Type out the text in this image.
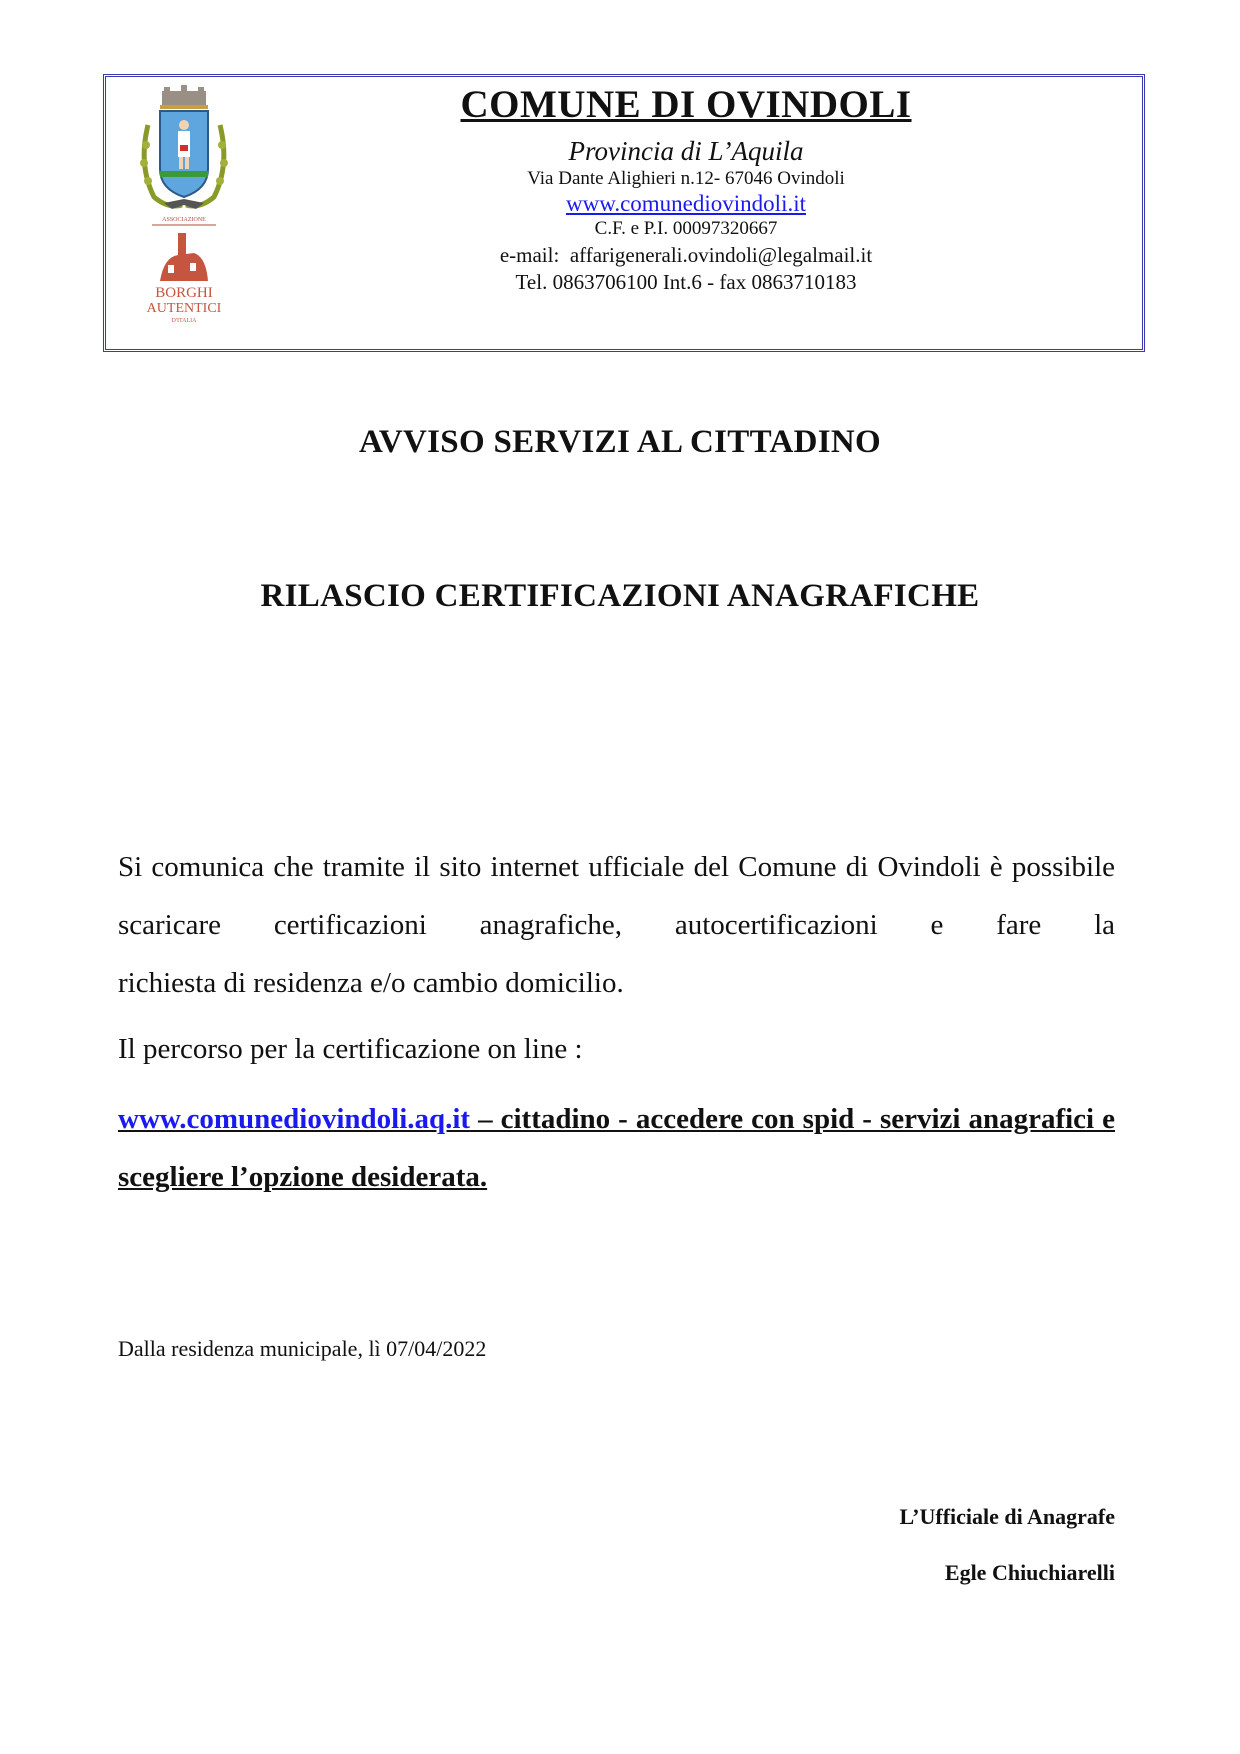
ASSOCIAZIONE
BORGHI
AUTENTICI
D'ITALIA
COMUNE DI OVINDOLI
Provincia di L’Aquila
Via Dante Alighieri n.12- 67046 Ovindoli
www.comunediovindoli.it
C.F. e P.I. 00097320667
e-mail: affarigenerali.ovindoli@legalmail.it
Tel. 0863706100 Int.6 - fax 0863710183
AVVISO SERVIZI AL CITTADINO
RILASCIO CERTIFICAZIONI ANAGRAFICHE
Si comunica che tramite il sito internet ufficiale del Comune di Ovindoli è possibile scaricare certificazioni anagrafiche, autocertificazioni e fare la
richiesta di residenza e/o cambio domicilio.
Il percorso per la certificazione on line :
www.comunediovindoli.aq.it – cittadino - accedere con spid - servizi anagrafici e scegliere l’opzione desiderata.
Dalla residenza municipale, lì 07/04/2022
L’Ufficiale di Anagrafe
Egle Chiuchiarelli
